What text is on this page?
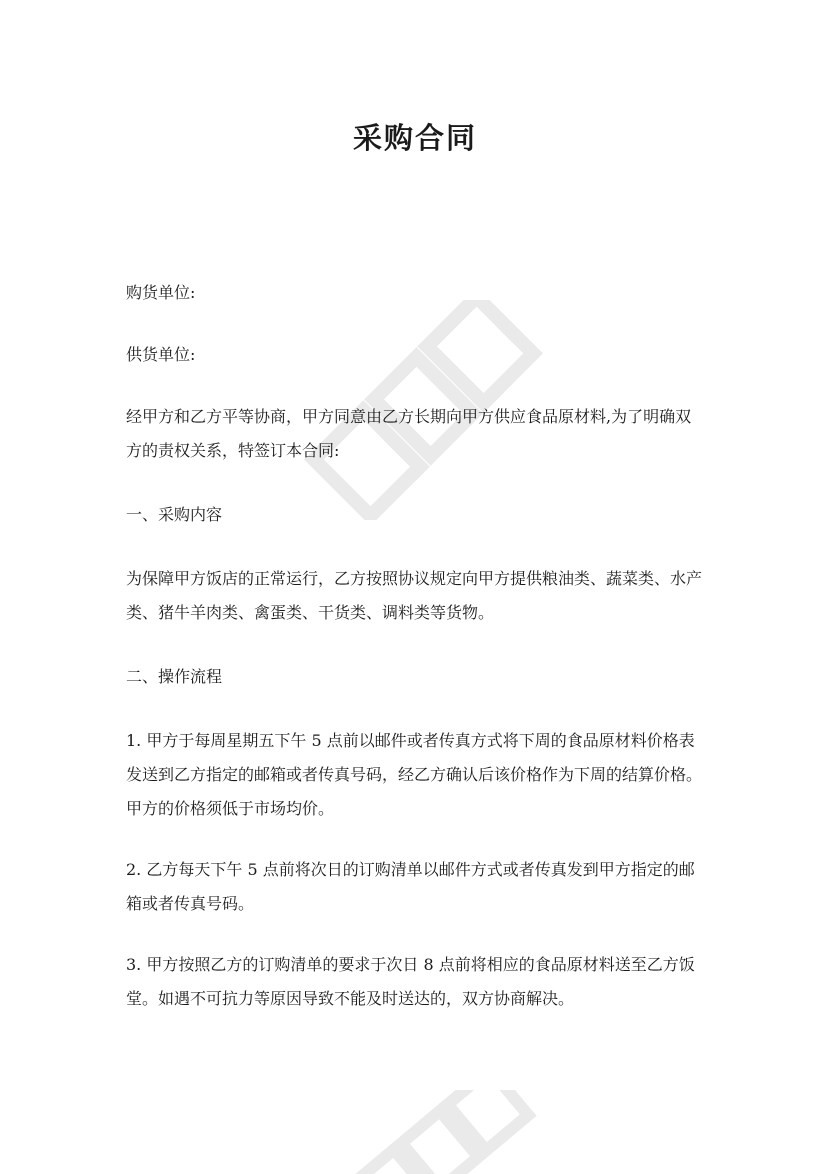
采购合同

购货单位:

供货单位:

经甲方和乙方平等协商，甲方同意由乙方长期向甲方供应食品原材料,为了明确双方的责权关系，特签订本合同:

一、采购内容

为保障甲方饭店的正常运行，乙方按照协议规定向甲方提供粮油类、蔬菜类、水产类、猪牛羊肉类、禽蛋类、干货类、调料类等货物。

二、操作流程

1. 甲方于每周星期五下午 5 点前以邮件或者传真方式将下周的食品原材料价格表发送到乙方指定的邮箱或者传真号码，经乙方确认后该价格作为下周的结算价格。甲方的价格须低于市场均价。

2. 乙方每天下午 5 点前将次日的订购清单以邮件方式或者传真发到甲方指定的邮箱或者传真号码。

3. 甲方按照乙方的订购清单的要求于次日 8 点前将相应的食品原材料送至乙方饭堂。如遇不可抗力等原因导致不能及时送达的，双方协商解决。
